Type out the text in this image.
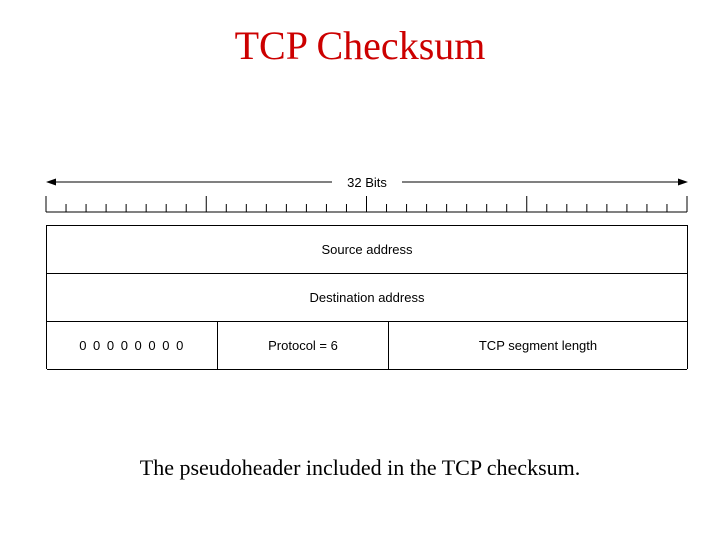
TCP Checksum
32 Bits
Source address
Destination address
0 0 0 0 0 0 0 0	Protocol = 6	TCP segment length
The pseudoheader included in the TCP checksum.
